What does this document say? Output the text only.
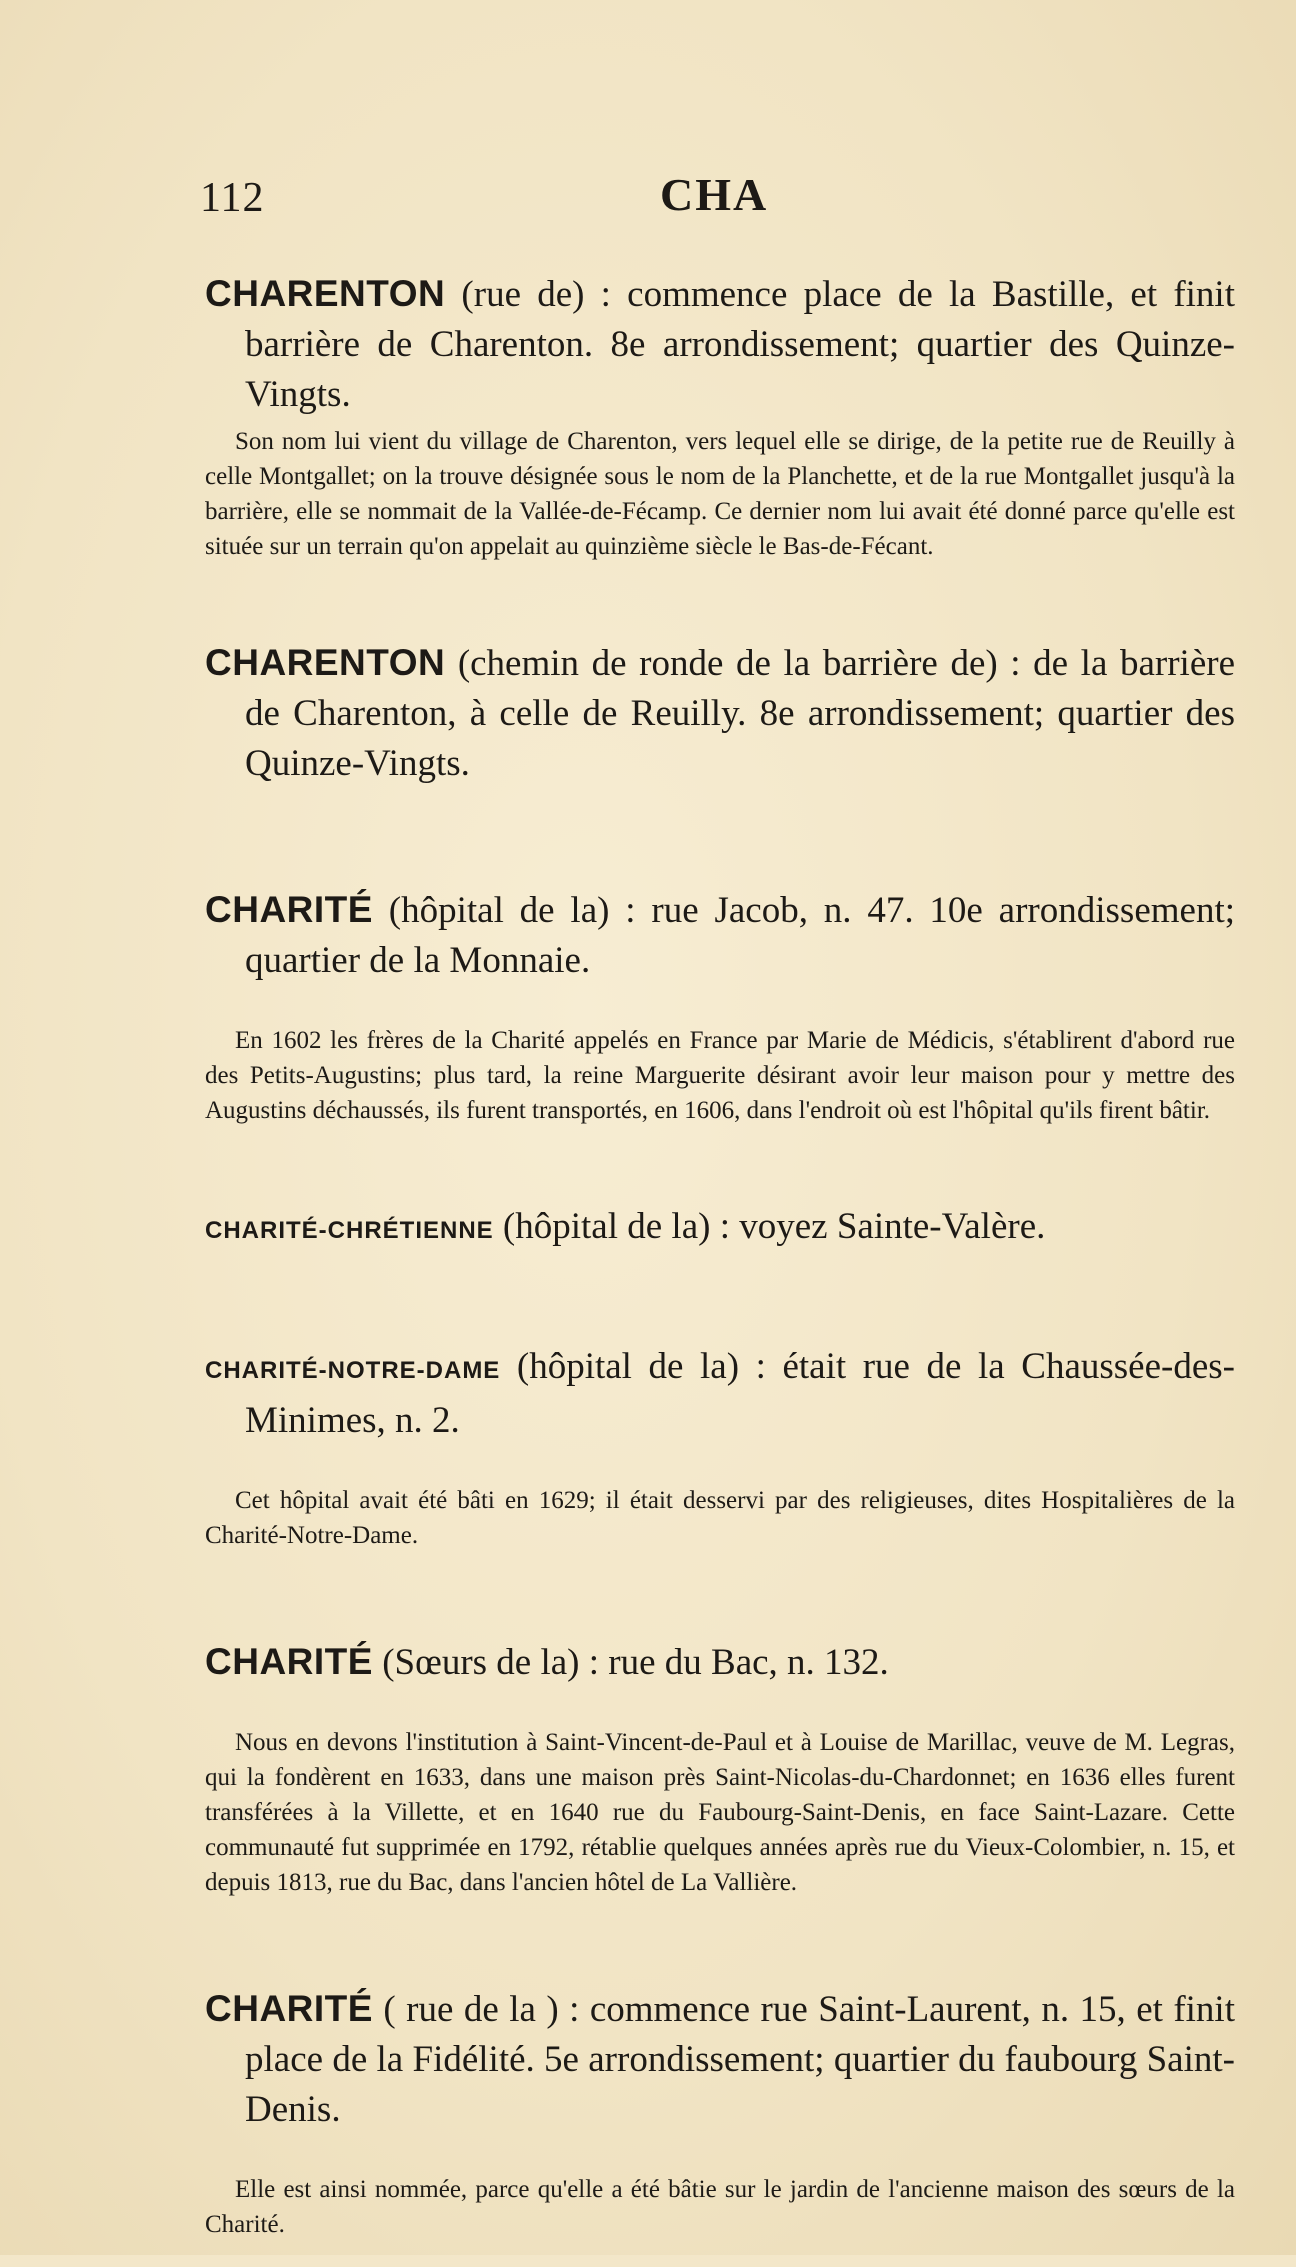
112	CHA

CHARENTON (rue de) : commence place de la Bastille, et finit barrière de Charenton. 8e arrondissement; quartier des Quinze-Vingts.

Son nom lui vient du village de Charenton, vers lequel elle se dirige, de la petite rue de Reuilly à celle Montgallet; on la trouve désignée sous le nom de la Planchette, et de la rue Montgallet jusqu'à la barrière, elle se nommait de la Vallée-de-Fécamp. Ce dernier nom lui avait été donné parce qu'elle est située sur un terrain qu'on appelait au quinzième siècle le Bas-de-Fécant.

CHARENTON (chemin de ronde de la barrière de) : de la barrière de Charenton, à celle de Reuilly. 8e arrondissement; quartier des Quinze-Vingts.

CHARITÉ (hôpital de la) : rue Jacob, n. 47. 10e arrondissement; quartier de la Monnaie.

En 1602 les frères de la Charité appelés en France par Marie de Médicis, s'établirent d'abord rue des Petits-Augustins; plus tard, la reine Marguerite désirant avoir leur maison pour y mettre des Augustins déchaussés, ils furent transportés, en 1606, dans l'endroit où est l'hôpital qu'ils firent bâtir.

CHARITÉ-CHRÉTIENNE (hôpital de la) : voyez Sainte-Valère.

CHARITÉ-NOTRE-DAME (hôpital de la) : était rue de la Chaussée-des-Minimes, n. 2.

Cet hôpital avait été bâti en 1629; il était desservi par des religieuses, dites Hospitalières de la Charité-Notre-Dame.

CHARITÉ (Sœurs de la) : rue du Bac, n. 132.

Nous en devons l'institution à Saint-Vincent-de-Paul et à Louise de Marillac, veuve de M. Legras, qui la fondèrent en 1633, dans une maison près Saint-Nicolas-du-Chardonnet; en 1636 elles furent transférées à la Villette, et en 1640 rue du Faubourg-Saint-Denis, en face Saint-Lazare. Cette communauté fut supprimée en 1792, rétablie quelques années après rue du Vieux-Colombier, n. 15, et depuis 1813, rue du Bac, dans l'ancien hôtel de La Vallière.

CHARITÉ ( rue de la ) : commence rue Saint-Laurent, n. 15, et finit place de la Fidélité. 5e arrondissement; quartier du faubourg Saint-Denis.

Elle est ainsi nommée, parce qu'elle a été bâtie sur le jardin de l'ancienne maison des sœurs de la Charité.
